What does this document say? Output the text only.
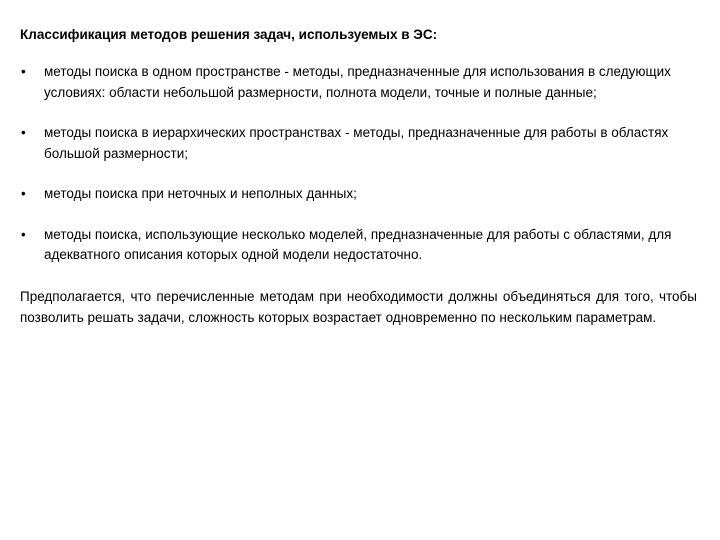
Классификация методов решения задач, используемых в ЭС:
• методы поиска в одном пространстве - методы, предназначенные для использования в следующих условиях: области небольшой размерности, полнота модели, точные и полные данные;
• методы поиска в иерархических пространствах - методы, предназначенные для работы в областях большой размерности;
• методы поиска при неточных и неполных данных;
• методы поиска, использующие несколько моделей, предназначенные для работы с областями, для адекватного описания которых одной модели недостаточно.

Предполагается, что перечисленные методам при необходимости должны объединяться для того, чтобы позволить решать задачи, сложность которых возрастает одновременно по нескольким параметрам.
